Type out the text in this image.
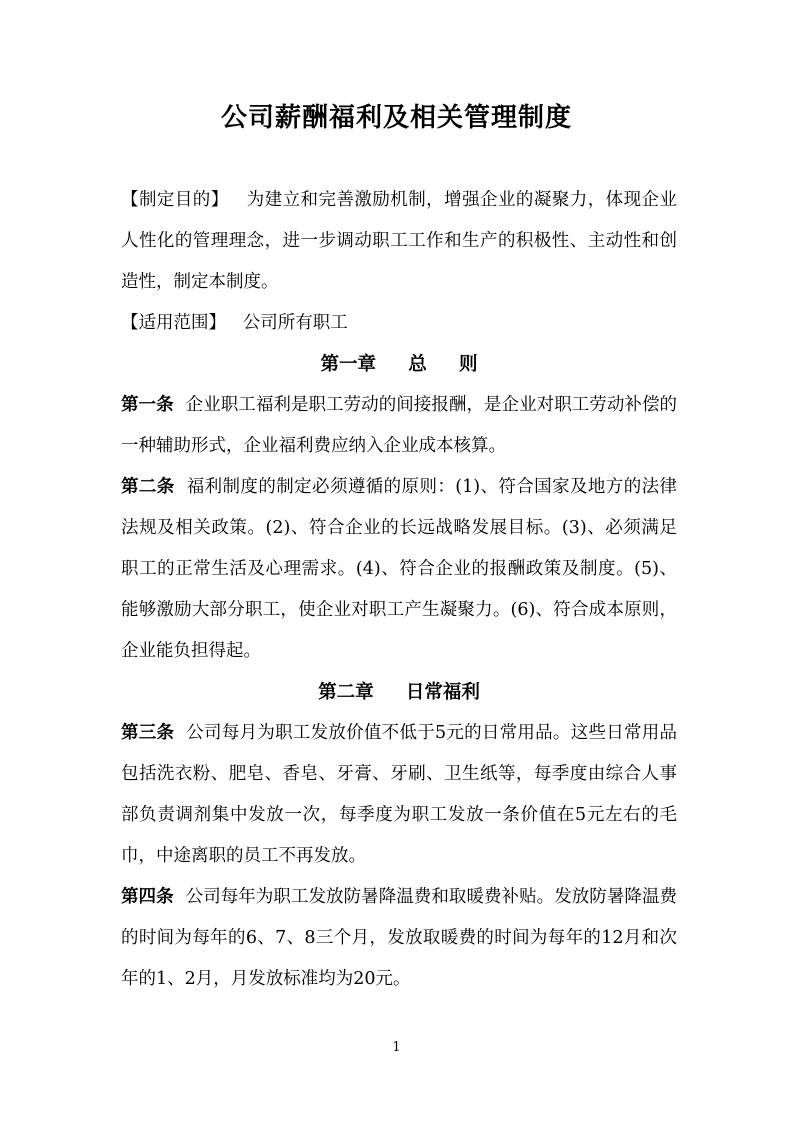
公司薪酬福利及相关管理制度

【制定目的】   为建立和完善激励机制，增强企业的凝聚力，体现企业人性化的管理理念，进一步调动职工工作和生产的积极性、主动性和创造性，制定本制度。

【适用范围】   公司所有职工

第一章     总     则

第一条 企业职工福利是职工劳动的间接报酬，是企业对职工劳动补偿的一种辅助形式，企业福利费应纳入企业成本核算。

第二条 福利制度的制定必须遵循的原则：(1)、符合国家及地方的法律法规及相关政策。(2)、符合企业的长远战略发展目标。(3)、必须满足职工的正常生活及心理需求。(4)、符合企业的报酬政策及制度。(5)、能够激励大部分职工，使企业对职工产生凝聚力。(6)、符合成本原则，企业能负担得起。

第二章     日常福利

第三条 公司每月为职工发放价值不低于5元的日常用品。这些日常用品包括洗衣粉、肥皂、香皂、牙膏、牙刷、卫生纸等，每季度由综合人事部负责调剂集中发放一次，每季度为职工发放一条价值在5元左右的毛巾，中途离职的员工不再发放。

第四条 公司每年为职工发放防暑降温费和取暖费补贴。发放防暑降温费的时间为每年的6、7、8三个月，发放取暖费的时间为每年的12月和次年的1、2月，月发放标准均为20元。

1
